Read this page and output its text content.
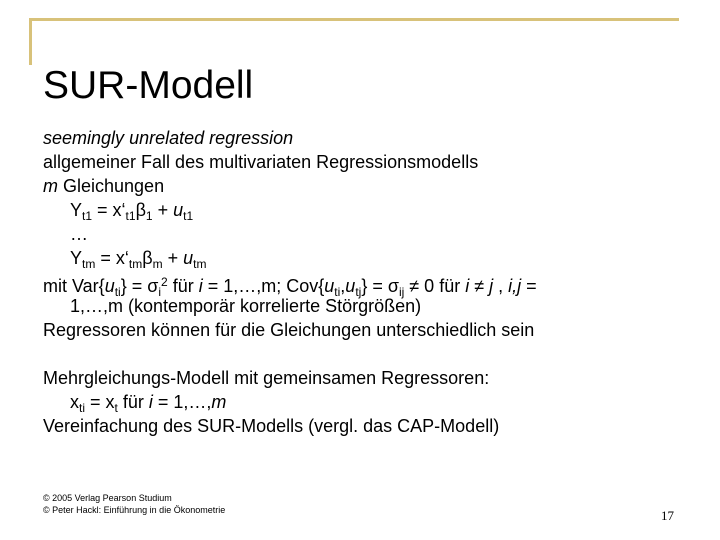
SUR-Modell
seemingly unrelated regression
allgemeiner Fall des multivariaten Regressionsmodells
m Gleichungen
$Y_{t1}$ = $x‘_{t1}\beta_1 + u_{t1}$
…
$Y_{tm}$ = $x‘_{tm}\beta_m + u_{tm}$
mit $Var\{u_{ti}\} = \sigma_i^2$ für i = 1,…,m; $Cov\{u_{ti},u_{tj}\} = \sigma_{ij} \ne 0$ für i ≠ j , i,j =
1,…,m (kontemporär korrelierte Störgrößen)
Regressoren können für die Gleichungen unterschiedlich sein
Mehrgleichungs-Modell mit gemeinsamen Regressoren:
$x_{ti} = x_t$ für i = 1,…,m
Vereinfachung des SUR-Modells (vergl. das CAP-Modell)
© 2005 Verlag Pearson Studium
© Peter Hackl: Einführung in die Ökonometrie	17
